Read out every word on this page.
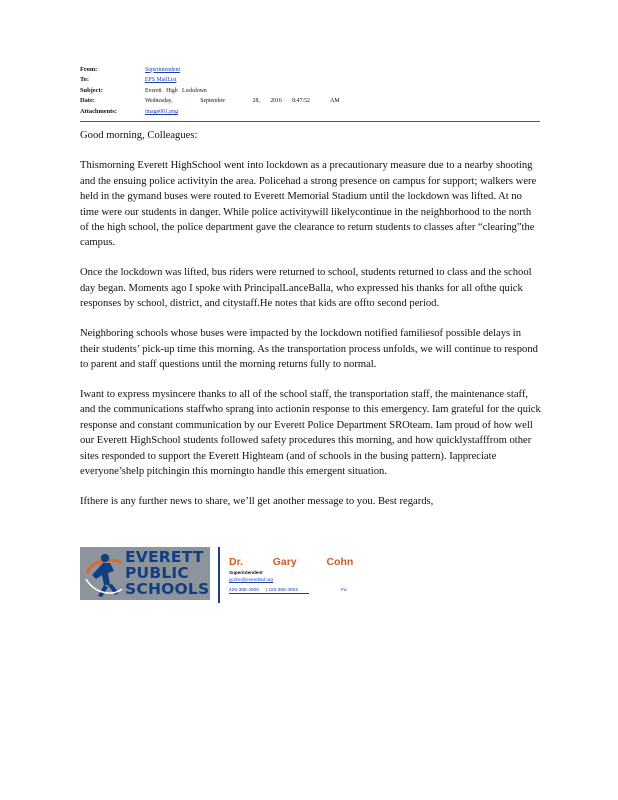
From:	Superintendent
To:	EPS MailList
Subject:	Everett   High   Lockdown
Date:	Wednesday,        September        28,   2016   8:47:52      AM
Attachments:	image001.png

Good morning, Colleagues:

Thismorning Everett HighSchool went into lockdown as a precautionary measure due to a nearby shooting and the ensuing police activityin the area. Policehad a strong presence on campus for support; walkers were held in the gymand buses were routed to Everett Memorial Stadium until the lockdown was lifted. At no time were our students in danger. While police activitywill likelycontinue in the neighborhood to the north of the high school, the police department gave the clearance to return students to classes after “clearing”the campus.

Once the lockdown was lifted, bus riders were returned to school, students returned to class and the school day began. Moments ago I spoke with PrincipalLanceBalla, who expressed his thanks for all ofthe quick responses by school, district, and citystaff.He notes that kids are offto second period.

Neighboring schools whose buses were impacted by the lockdown notified familiesof possible delays in their students’ pick-up time this morning. As the transportation process unfolds, we will continue to respond to parent and staff questions until the morning returns fully to normal.

Iwant to express mysincere thanks to all of the school staff, the transportation staff, the maintenance staff, and the communications staffwho sprang into actionin response to this emergency. Iam grateful for the quick response and constant communication by our Everett Police Department SROteam. Iam proud of how well our Everett HighSchool students followed safety procedures this morning, and how quicklystafffrom other sites responded to support the Everett Highteam (and of schools in the busing pattern). Iappreciate everyone’shelp pitchingin this morningto handle this emergent situation.

Ifthere is any further news to share, we’ll get another message to you. Best regards,

EVERETT
PUBLIC
SCHOOLS
Dr.   Gary   Cohn
Superintendent
gcohn@everettsd.org
425-385-4000 | 425-385-4002	Fa
